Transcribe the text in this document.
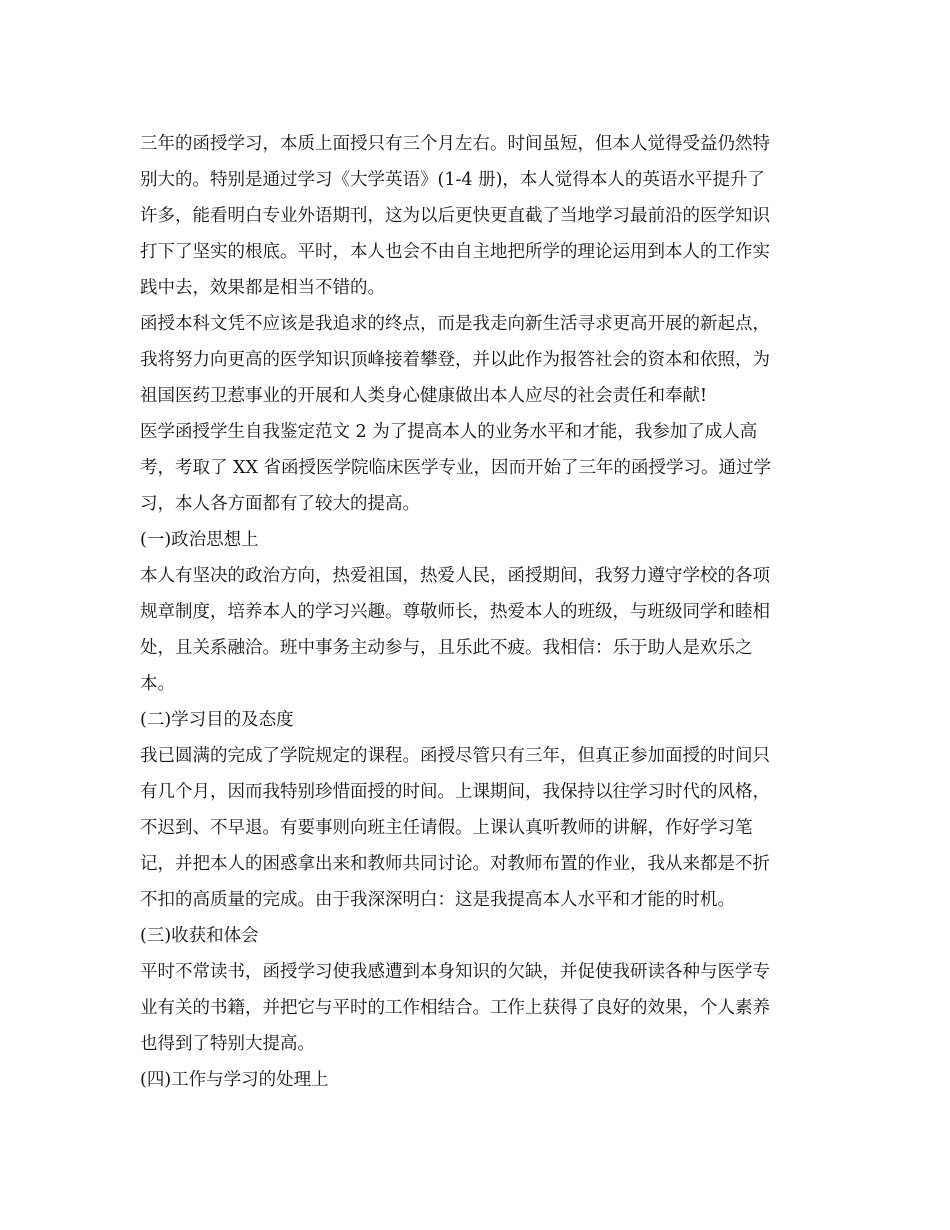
三年的函授学习，本质上面授只有三个月左右。时间虽短，但本人觉得受益仍然特
别大的。特别是通过学习《大学英语》(1-4 册)，本人觉得本人的英语水平提升了
许多，能看明白专业外语期刊，这为以后更快更直截了当地学习最前沿的医学知识
打下了坚实的根底。平时，本人也会不由自主地把所学的理论运用到本人的工作实
践中去，效果都是相当不错的。

函授本科文凭不应该是我追求的终点，而是我走向新生活寻求更高开展的新起点，
我将努力向更高的医学知识顶峰接着攀登，并以此作为报答社会的资本和依照，为
祖国医药卫惹事业的开展和人类身心健康做出本人应尽的社会责任和奉献!

医学函授学生自我鉴定范文 2 为了提高本人的业务水平和才能，我参加了成人高
考，考取了 XX 省函授医学院临床医学专业，因而开始了三年的函授学习。通过学
习，本人各方面都有了较大的提高。

(一)政治思想上

本人有坚决的政治方向，热爱祖国，热爱人民，函授期间，我努力遵守学校的各项
规章制度，培养本人的学习兴趣。尊敬师长，热爱本人的班级，与班级同学和睦相
处，且关系融洽。班中事务主动参与，且乐此不疲。我相信：乐于助人是欢乐之
本。

(二)学习目的及态度

我已圆满的完成了学院规定的课程。函授尽管只有三年，但真正参加面授的时间只
有几个月，因而我特别珍惜面授的时间。上课期间，我保持以往学习时代的风格，
不迟到、不早退。有要事则向班主任请假。上课认真听教师的讲解，作好学习笔
记，并把本人的困惑拿出来和教师共同讨论。对教师布置的作业，我从来都是不折
不扣的高质量的完成。由于我深深明白：这是我提高本人水平和才能的时机。

(三)收获和体会

平时不常读书，函授学习使我感遭到本身知识的欠缺，并促使我研读各种与医学专
业有关的书籍，并把它与平时的工作相结合。工作上获得了良好的效果，个人素养
也得到了特别大提高。

(四)工作与学习的处理上
